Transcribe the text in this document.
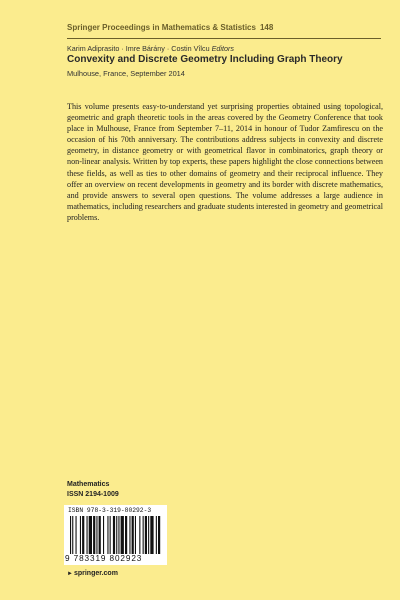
Springer Proceedings in Mathematics & Statistics 148
Karim Adiprasito · Imre Bárány · Costin Vîlcu Editors
Convexity and Discrete Geometry Including Graph Theory
Mulhouse, France, September 2014

This volume presents easy-to-understand yet surprising properties obtained using topological, geometric and graph theoretic tools in the areas covered by the Geometry Conference that took place in Mulhouse, France from September 7–11, 2014 in honour of Tudor Zamfirescu on the occasion of his 70th anniversary. The contributions address subjects in convexity and discrete geometry, in distance geometry or with geometrical flavor in combinatorics, graph theory or non-linear analysis. Written by top experts, these papers highlight the close connections between these fields, as well as ties to other domains of geometry and their reciprocal influence. They offer an overview on recent developments in geometry and its border with discrete mathematics, and provide answers to several open questions. The volume addresses a large audience in mathematics, including researchers and graduate students interested in geometry and geometrical problems.

Mathematics
ISSN 2194-1009
ISBN 978-3-319-80292-3
9 783319 802923
►springer.com
